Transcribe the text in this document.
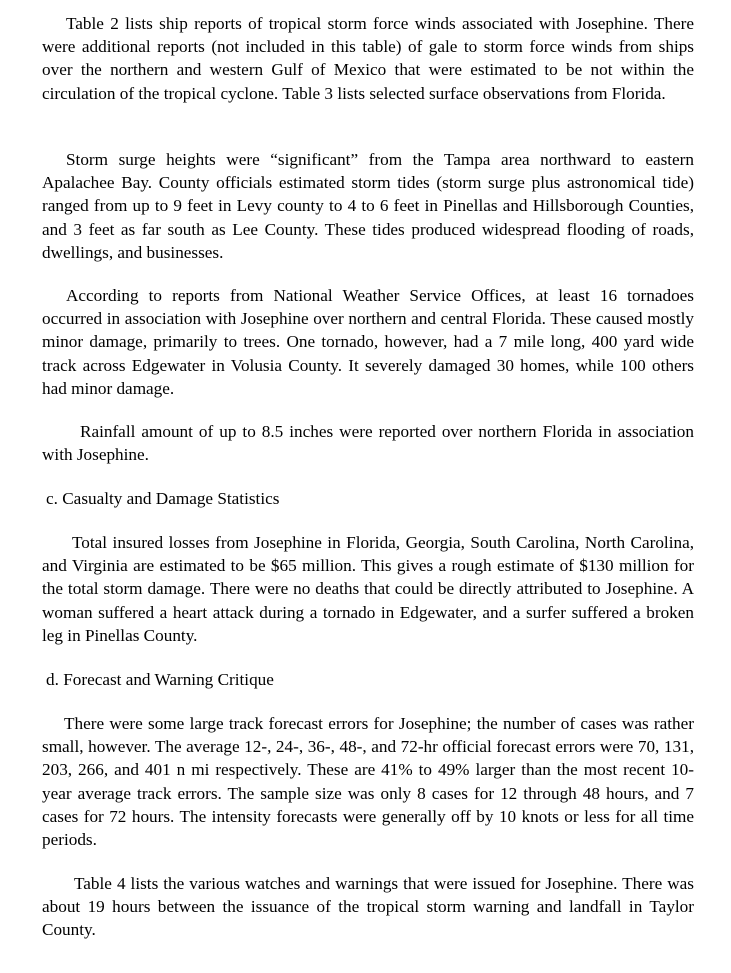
Table 2 lists ship reports of tropical storm force winds associated with Josephine. There were additional reports (not included in this table) of gale to storm force winds from ships over the northern and western Gulf of Mexico that were estimated to be not within the circulation of the tropical cyclone. Table 3 lists selected surface observations from Florida.

Storm surge heights were “significant” from the Tampa area northward to eastern Apalachee Bay. County officials estimated storm tides (storm surge plus astronomical tide) ranged from up to 9 feet in Levy county to 4 to 6 feet in Pinellas and Hillsborough Counties, and 3 feet as far south as Lee County. These tides produced widespread flooding of roads, dwellings, and businesses.

According to reports from National Weather Service Offices, at least 16 tornadoes occurred in association with Josephine over northern and central Florida. These caused mostly minor damage, primarily to trees. One tornado, however, had a 7 mile long, 400 yard wide track across Edgewater in Volusia County. It severely damaged 30 homes, while 100 others had minor damage.

Rainfall amount of up to 8.5 inches were reported over northern Florida in association with Josephine.

c. Casualty and Damage Statistics

Total insured losses from Josephine in Florida, Georgia, South Carolina, North Carolina, and Virginia are estimated to be $65 million. This gives a rough estimate of $130 million for the total storm damage. There were no deaths that could be directly attributed to Josephine. A woman suffered a heart attack during a tornado in Edgewater, and a surfer suffered a broken leg in Pinellas County.

d. Forecast and Warning Critique

There were some large track forecast errors for Josephine; the number of cases was rather small, however. The average 12-, 24-, 36-, 48-, and 72-hr official forecast errors were 70, 131, 203, 266, and 401 n mi respectively. These are 41% to 49% larger than the most recent 10-year average track errors. The sample size was only 8 cases for 12 through 48 hours, and 7 cases for 72 hours. The intensity forecasts were generally off by 10 knots or less for all time periods.

Table 4 lists the various watches and warnings that were issued for Josephine. There was about 19 hours between the issuance of the tropical storm warning and landfall in Taylor County.
